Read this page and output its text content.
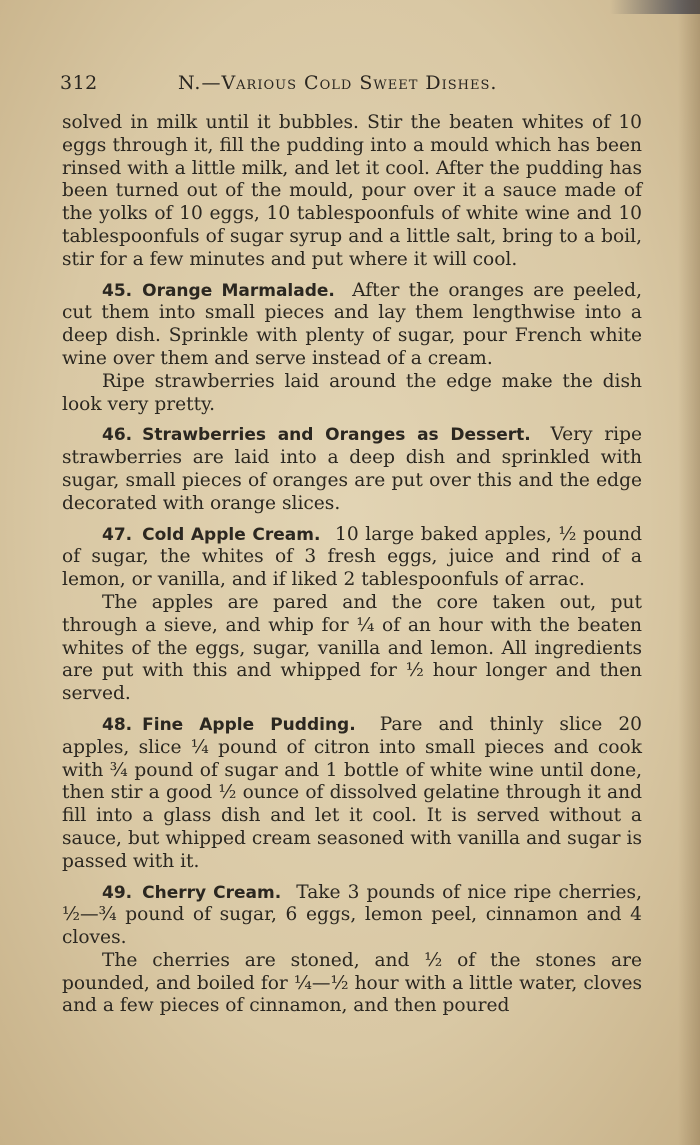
312	N.—Various Cold Sweet Dishes.

solved in milk until it bubbles. Stir the beaten whites of 10 eggs through it, fill the pudding into a mould which has been rinsed with a little milk, and let it cool. After the pudding has been turned out of the mould, pour over it a sauce made of the yolks of 10 eggs, 10 tablespoonfuls of white wine and 10 tablespoonfuls of sugar syrup and a little salt, bring to a boil, stir for a few minutes and put where it will cool.

45. Orange Marmalade. After the oranges are peeled, cut them into small pieces and lay them lengthwise into a deep dish. Sprinkle with plenty of sugar, pour French white wine over them and serve instead of a cream.

Ripe strawberries laid around the edge make the dish look very pretty.

46. Strawberries and Oranges as Dessert. Very ripe strawberries are laid into a deep dish and sprinkled with sugar, small pieces of oranges are put over this and the edge decorated with orange slices.

47. Cold Apple Cream. 10 large baked apples, ½ pound of sugar, the whites of 3 fresh eggs, juice and rind of a lemon, or vanilla, and if liked 2 tablespoonfuls of arrac.

The apples are pared and the core taken out, put through a sieve, and whip for ¼ of an hour with the beaten whites of the eggs, sugar, vanilla and lemon. All ingredients are put with this and whipped for ½ hour longer and then served.

48. Fine Apple Pudding. Pare and thinly slice 20 apples, slice ¼ pound of citron into small pieces and cook with ¾ pound of sugar and 1 bottle of white wine until done, then stir a good ½ ounce of dissolved gelatine through it and fill into a glass dish and let it cool. It is served without a sauce, but whipped cream seasoned with vanilla and sugar is passed with it.

49. Cherry Cream. Take 3 pounds of nice ripe cherries, ½—¾ pound of sugar, 6 eggs, lemon peel, cinnamon and 4 cloves.

The cherries are stoned, and ½ of the stones are pounded, and boiled for ¼—½ hour with a little water, cloves and a few pieces of cinnamon, and then poured
